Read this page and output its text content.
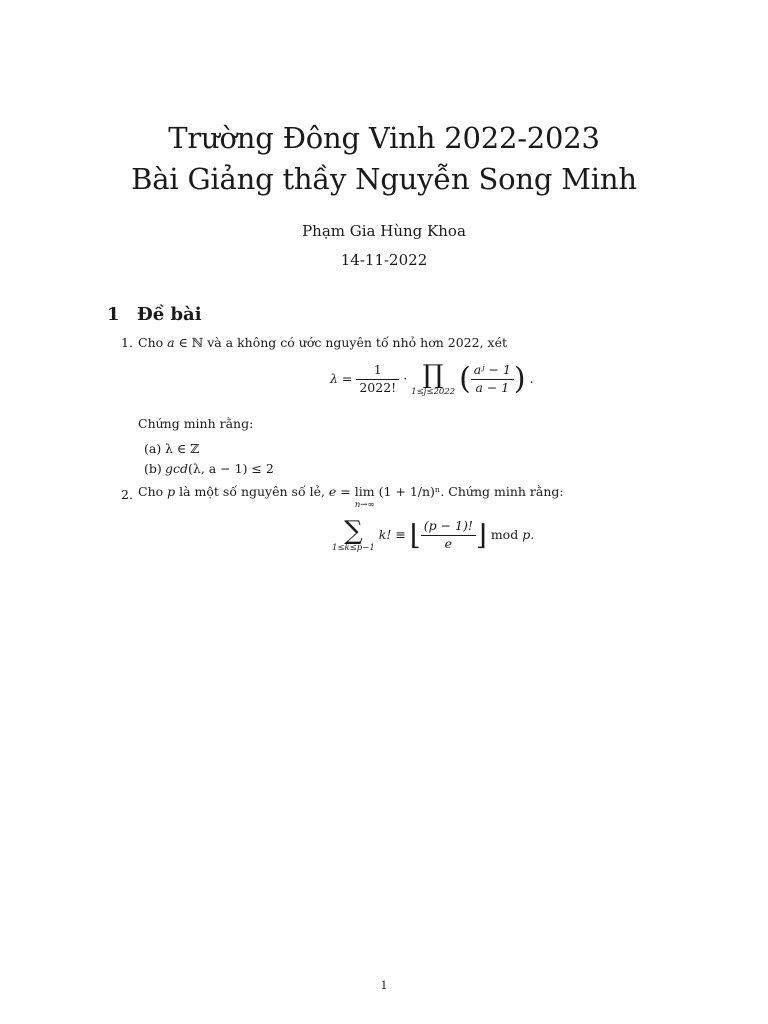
Trường Đông Vinh 2022-2023
Bài Giảng thầy Nguyễn Song Minh
Phạm Gia Hùng Khoa
14-11-2022
1 Đề bài
1. Cho a ∈ ℕ và a không có ước nguyên tố nhỏ hơn 2022, xét
$\lambda = \frac{1}{2022!}$ · ∏
1≤j≤2022 ( $\frac{\text{aʲ − 1}}{a - 1}$ ) .
Chứng minh rằng:
(a) λ ∈ ℤ
(b) gcd(λ, a − 1) ≤ 2
2. Cho p là một số nguyên số lẻ, e = lim
n→∞
(1 + 1/n)ⁿ. Chứng minh rằng:
∑
1≤k≤p−1
k! ≡ ⌊ $\frac{(p - 1)!}{e}$ ⌋ mod p.
1
